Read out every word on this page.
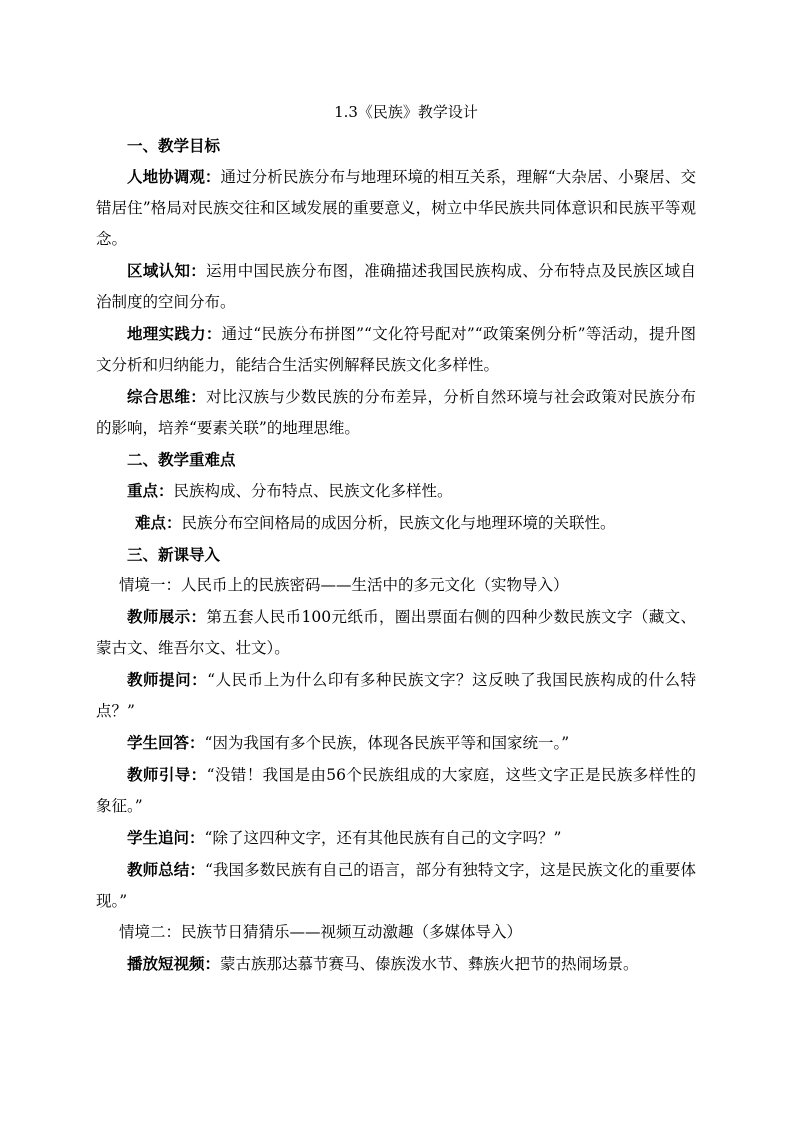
1.3《民族》教学设计

一、教学目标

人地协调观：通过分析民族分布与地理环境的相互关系，理解“大杂居、小聚居、交错居住”格局对民族交往和区域发展的重要意义，树立中华民族共同体意识和民族平等观念。

区域认知：运用中国民族分布图，准确描述我国民族构成、分布特点及民族区域自治制度的空间分布。

地理实践力：通过“民族分布拼图”“文化符号配对”“政策案例分析”等活动，提升图文分析和归纳能力，能结合生活实例解释民族文化多样性。

综合思维：对比汉族与少数民族的分布差异，分析自然环境与社会政策对民族分布的影响，培养“要素关联”的地理思维。

二、教学重难点

重点：民族构成、分布特点、民族文化多样性。

难点：民族分布空间格局的成因分析，民族文化与地理环境的关联性。

三、新课导入

情境一：人民币上的民族密码——生活中的多元文化（实物导入）

教师展示：第五套人民币100元纸币，圈出票面右侧的四种少数民族文字（藏文、蒙古文、维吾尔文、壮文）。

教师提问：“人民币上为什么印有多种民族文字？这反映了我国民族构成的什么特点？”

学生回答：“因为我国有多个民族，体现各民族平等和国家统一。”

教师引导：“没错！我国是由56个民族组成的大家庭，这些文字正是民族多样性的象征。”

学生追问：“除了这四种文字，还有其他民族有自己的文字吗？”

教师总结：“我国多数民族有自己的语言，部分有独特文字，这是民族文化的重要体现。”

情境二：民族节日猜猜乐——视频互动激趣（多媒体导入）

播放短视频：蒙古族那达慕节赛马、傣族泼水节、彝族火把节的热闹场景。
